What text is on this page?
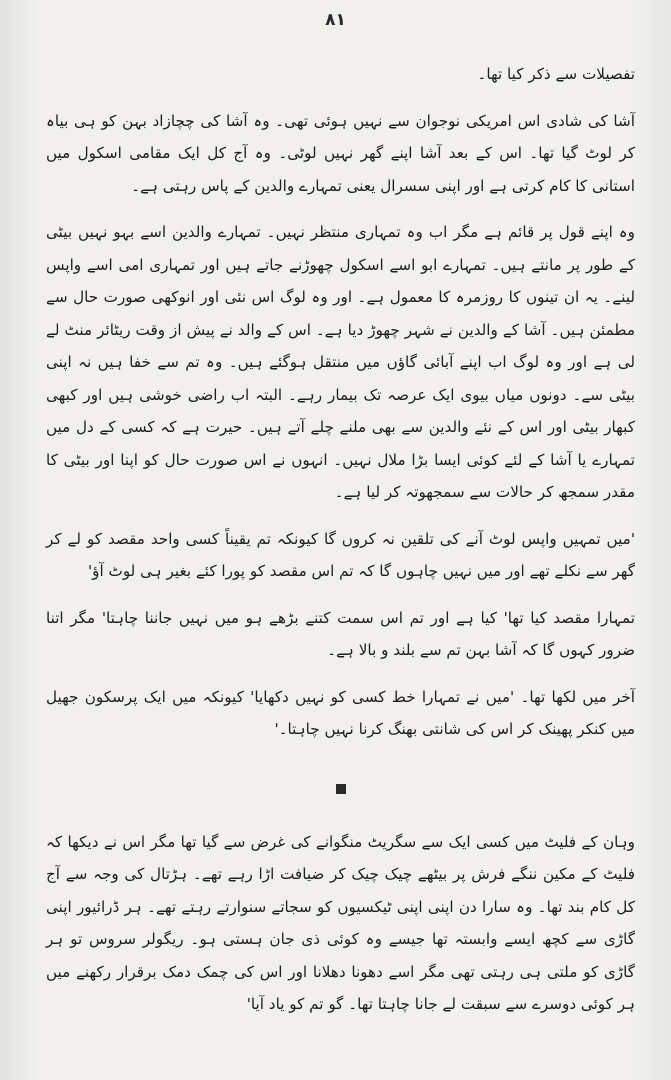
۸۱

تفصیلات سے ذکر کیا تھا۔

آشا کی شادی اس امریکی نوجوان سے نہیں ہوئی تھی۔ وہ آشا کی چچازاد بہن کو ہی بیاہ کر لوٹ گیا تھا۔ اس کے بعد آشا اپنے گھر نہیں لوٹی۔ وہ آج کل ایک مقامی اسکول میں استانی کا کام کرتی ہے اور اپنی سسرال یعنی تمہارے والدین کے پاس رہتی ہے۔

وہ اپنے قول پر قائم ہے مگر اب وہ تمہاری منتظر نہیں۔ تمہارے والدین اسے بہو نہیں بیٹی کے طور پر مانتے ہیں۔ تمہارے ابو اسے اسکول چھوڑنے جاتے ہیں اور تمہاری امی اسے واپس لینے۔ یہ ان تینوں کا روزمرہ کا معمول ہے۔ اور وہ لوگ اس نئی اور انوکھی صورت حال سے مطمئن ہیں۔ آشا کے والدین نے شہر چھوڑ دیا ہے۔ اس کے والد نے پیش از وقت ریٹائر منٹ لے لی ہے اور وہ لوگ اب اپنے آبائی گاؤں میں منتقل ہوگئے ہیں۔ وہ تم سے خفا ہیں نہ اپنی بیٹی سے۔ دونوں میاں بیوی ایک عرصہ تک بیمار رہے۔ البتہ اب راضی خوشی ہیں اور کبھی کبھار بیٹی اور اس کے نئے والدین سے بھی ملنے چلے آتے ہیں۔ حیرت ہے کہ کسی کے دل میں تمہارے یا آشا کے لئے کوئی ایسا بڑا ملال نہیں۔ انہوں نے اس صورت حال کو اپنا اور بیٹی کا مقدر سمجھ کر حالات سے سمجھوتہ کر لیا ہے۔

'میں تمہیں واپس لوٹ آنے کی تلقین نہ کروں گا کیونکہ تم یقیناً کسی واحد مقصد کو لے کر گھر سے نکلے تھے اور میں نہیں چاہوں گا کہ تم اس مقصد کو پورا کئے بغیر ہی لوٹ آؤ'

تمہارا مقصد کیا تھا' کیا ہے اور تم اس سمت کتنے بڑھے ہو میں نہیں جاننا چاہتا' مگر اتنا ضرور کہوں گا کہ آشا بہن تم سے بلند و بالا ہے۔

آخر میں لکھا تھا۔ 'میں نے تمہارا خط کسی کو نہیں دکھایا' کیونکہ میں ایک پرسکون جھیل میں کنکر پھینک کر اس کی شانتی بھنگ کرنا نہیں چاہتا۔'

وہان کے فلیٹ میں کسی ایک سے سگریٹ منگوانے کی غرض سے گیا تھا مگر اس نے دیکھا کہ فلیٹ کے مکین ننگے فرش پر بیٹھے چیک چیک کر ضیافت اڑا رہے تھے۔ ہڑتال کی وجہ سے آج کل کام بند تھا۔ وہ سارا دن اپنی اپنی ٹیکسیوں کو سجاتے سنوارتے رہتے تھے۔ ہر ڈرائیور اپنی گاڑی سے کچھ ایسے وابستہ تھا جیسے وہ کوئی ذی جان ہستی ہو۔ ریگولر سروس تو ہر گاڑی کو ملتی ہی رہتی تھی مگر اسے دھونا دھلانا اور اس کی چمک دمک برقرار رکھنے میں ہر کوئی دوسرے سے سبقت لے جانا چاہتا تھا۔ گو تم کو یاد آیا'
